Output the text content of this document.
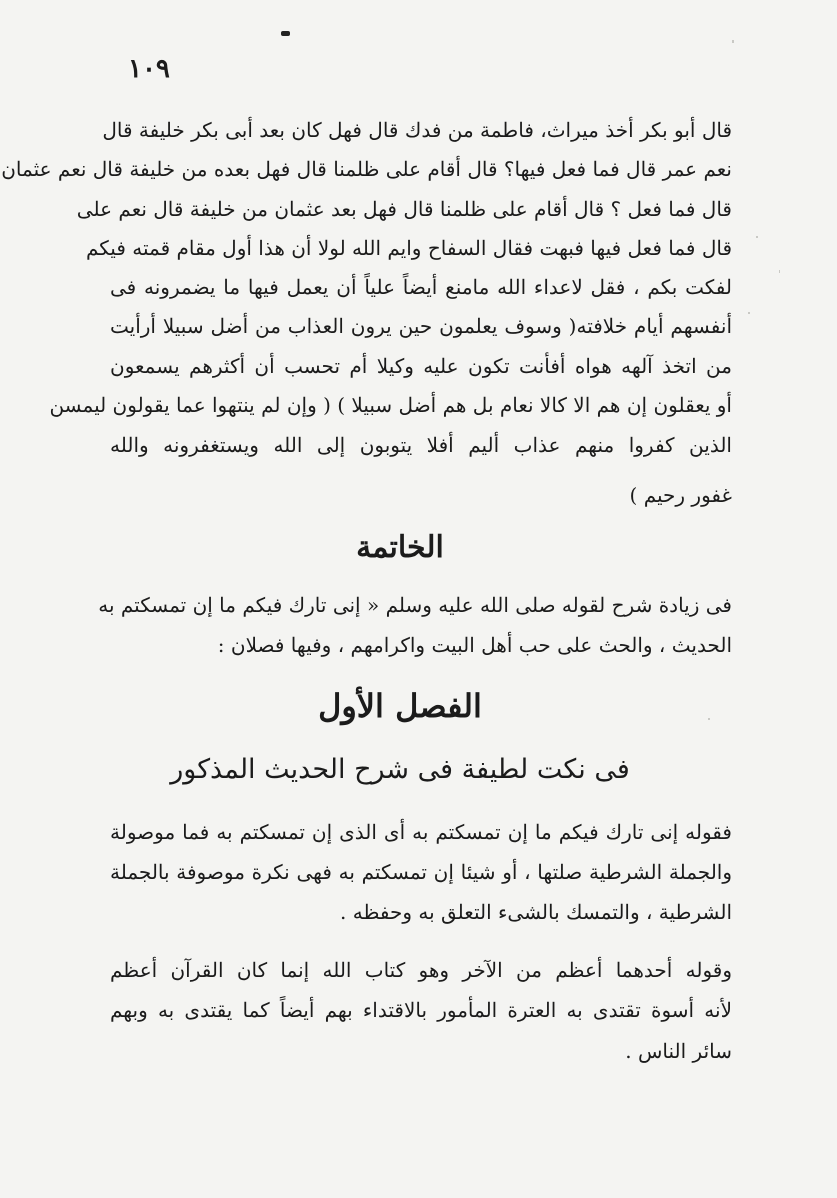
١٠٩
قال أبو بكر أخذ ميراث، فاطمة من فدك قال فهل كان بعد أبى بكر خليفة قال
نعم عمر قال فما فعل فيها؟ قال أقام على ظلمنا قال فهل بعده من خليفة قال نعم عثمان
قال فما فعل ؟ قال أقام على ظلمنا قال فهل بعد عثمان من خليفة قال نعم على
قال فما فعل فيها فبهت فقال السفاح وايم الله لولا أن هذا أول مقام قمته فيكم
لفكت بكم ، فقل لاعداء الله مامنع أيضاً علياً أن يعمل فيها ما يضمرونه فى
أنفسهم أيام خلافته( وسوف يعلمون حين يرون العذاب من أضل سبيلا أرأيت
من اتخذ آلهه هواه أفأنت تكون عليه وكيلا أم تحسب أن أكثرهم يسمعون
أو يعقلون إن هم الا كالا نعام بل هم أضل سبيلا ) ( وإن لم ينتهوا عما يقولون ليمسن
الذين كفروا منهم عذاب أليم أفلا يتوبون إلى الله ويستغفرونه والله
غفور رحيم )
الخاتمة
فى زيادة شرح لقوله صلى الله عليه وسلم « إنى تارك فيكم ما إن تمسكتم به
الحديث ، والحث على حب أهل البيت واكرامهم ، وفيها فصلان :
الفصل الأول
فى نكت لطيفة فى شرح الحديث المذكور
فقوله إنى تارك فيكم ما إن تمسكتم به أى الذى إن تمسكتم به فما موصولة
والجملة الشرطية صلتها ، أو شيئا إن تمسكتم به فهى نكرة موصوفة بالجملة
الشرطية ، والتمسك بالشىء التعلق به وحفظه .
وقوله أحدهما أعظم من الآخر وهو كتاب الله إنما كان القرآن أعظم
لأنه أسوة تقتدى به العترة المأمور بالاقتداء بهم أيضاً كما يقتدى به وبهم
سائر الناس .
